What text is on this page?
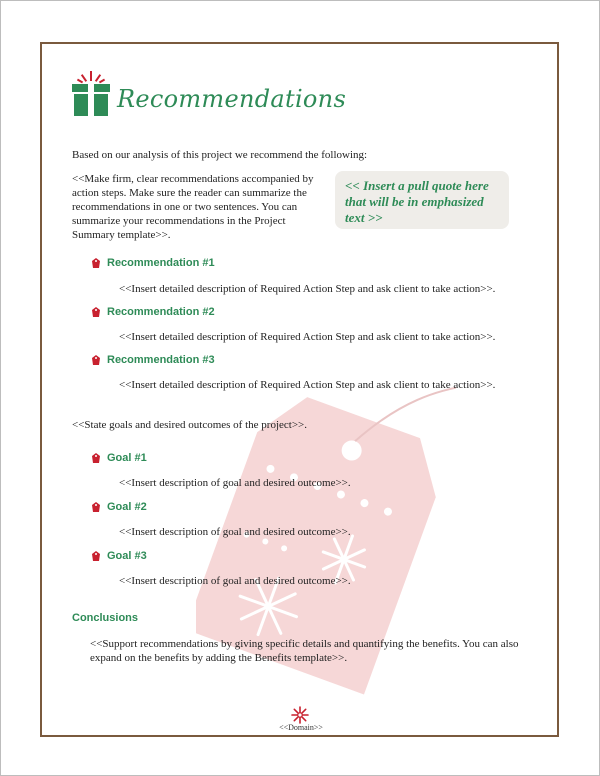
Recommendations
Based on our analysis of this project we recommend the following:
<<Make firm, clear recommendations accompanied by action steps. Make sure the reader can summarize the recommendations in one or two sentences. You can summarize your recommendations in the Project Summary template>>.
<< Insert a pull quote here that will be in emphasized text >>
Recommendation #1
<<Insert detailed description of Required Action Step and ask client to take action>>.
Recommendation #2
<<Insert detailed description of Required Action Step and ask client to take action>>.
Recommendation #3
<<Insert detailed description of Required Action Step and ask client to take action>>.
<<State goals and desired outcomes of the project>>.
Goal #1
<<Insert description of goal and desired outcome>>.
Goal #2
<<Insert description of goal and desired outcome>>.
Goal #3
<<Insert description of goal and desired outcome>>.
Conclusions
<<Support recommendations by giving specific details and quantifying the benefits. You can also expand on the benefits by adding the Benefits template>>.
<<Domain>>
